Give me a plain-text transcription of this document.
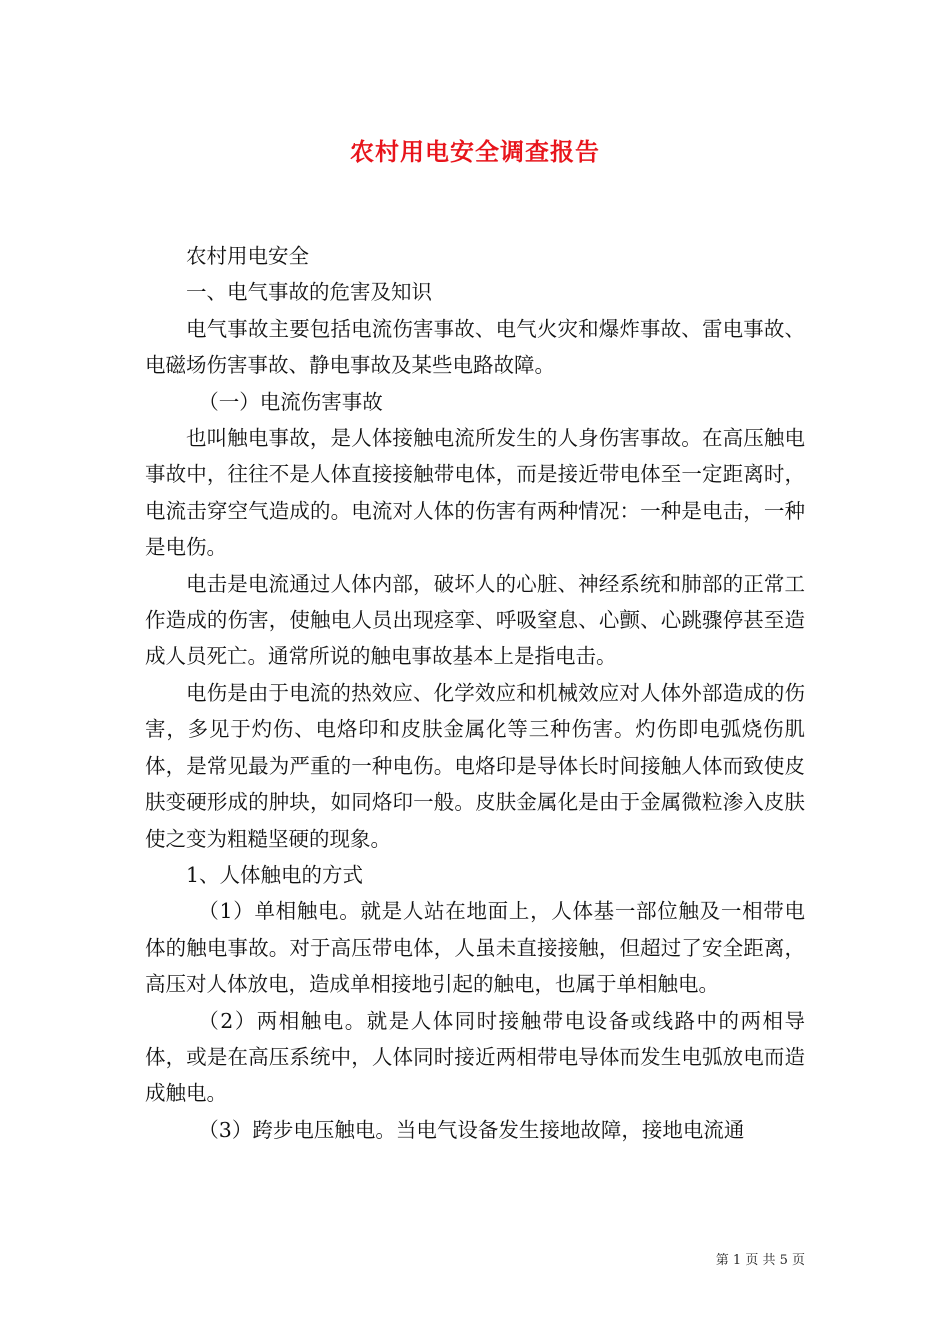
农村用电安全调查报告

农村用电安全

一、电气事故的危害及知识

电气事故主要包括电流伤害事故、电气火灾和爆炸事故、雷电事故、电磁场伤害事故、静电事故及某些电路故障。

（一）电流伤害事故

也叫触电事故，是人体接触电流所发生的人身伤害事故。在高压触电事故中，往往不是人体直接接触带电体，而是接近带电体至一定距离时，电流击穿空气造成的。电流对人体的伤害有两种情况：一种是电击，一种是电伤。

电击是电流通过人体内部，破坏人的心脏、神经系统和肺部的正常工作造成的伤害，使触电人员出现痉挛、呼吸窒息、心颤、心跳骤停甚至造成人员死亡。通常所说的触电事故基本上是指电击。

电伤是由于电流的热效应、化学效应和机械效应对人体外部造成的伤害，多见于灼伤、电烙印和皮肤金属化等三种伤害。灼伤即电弧烧伤肌体，是常见最为严重的一种电伤。电烙印是导体长时间接触人体而致使皮肤变硬形成的肿块，如同烙印一般。皮肤金属化是由于金属微粒渗入皮肤使之变为粗糙坚硬的现象。

1、人体触电的方式

（1）单相触电。就是人站在地面上，人体基一部位触及一相带电体的触电事故。对于高压带电体，人虽未直接接触，但超过了安全距离，高压对人体放电，造成单相接地引起的触电，也属于单相触电。

（2）两相触电。就是人体同时接触带电设备或线路中的两相导体，或是在高压系统中，人体同时接近两相带电导体而发生电弧放电而造成触电。

（3）跨步电压触电。当电气设备发生接地故障，接地电流通

第 1 页 共 5 页
